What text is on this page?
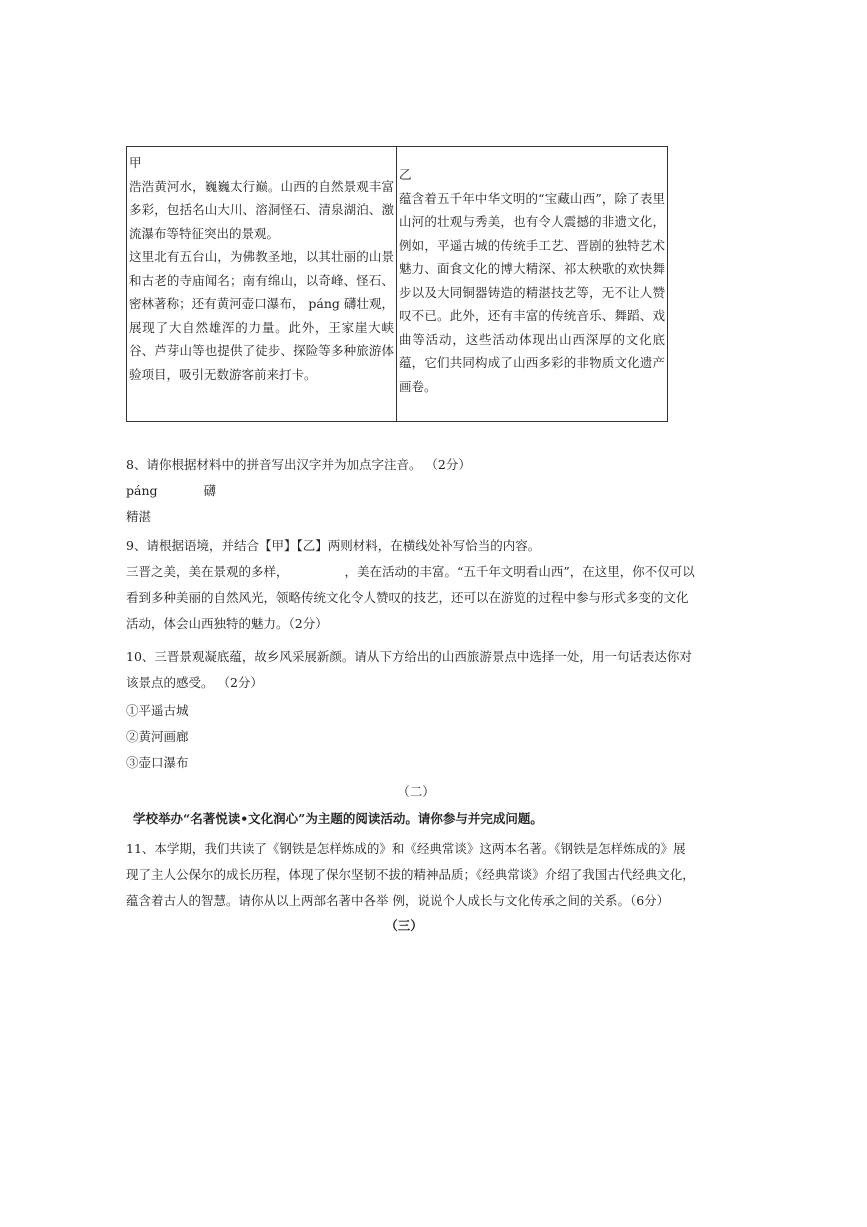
甲

浩浩黄河水，巍巍太行巅。山西的自然景观丰富多彩，包括名山大川、溶洞怪石、清泉湖泊、激流瀑布等特征突出的景观。

这里北有五台山，为佛教圣地，以其壮丽的山景和古老的寺庙闻名；南有绵山，以奇峰、怪石、密林著称；还有黄河壶口瀑布， páng 礴壮观，展现了大自然雄浑的力量。此外，王家崖大峡谷、芦芽山等也提供了徒步、探险等多种旅游体验项目，吸引无数游客前来打卡。

乙

蕴含着五千年中华文明的“宝藏山西”，除了表里山河的壮观与秀美，也有令人震撼的非遗文化，例如，平遥古城的传统手工艺、晋剧的独特艺术魅力、面食文化的博大精深、祁太秧歌的欢快舞步以及大同铜器铸造的精湛技艺等，无不让人赞叹不已。此外，还有丰富的传统音乐、舞蹈、戏曲等活动，这些活动体现出山西深厚的文化底蕴，它们共同构成了山西多彩的非物质文化遗产画卷。

8、请你根据材料中的拼音写出汉字并为加点字注音。 （2分）

páng	礴

精湛

9、请根据语境，并结合【甲】【乙】两则材料，在横线处补写恰当的内容。

三晋之美，美在景观的多样，	，美在活动的丰富。“五千年文明看山西”，在这里，你不仅可以看到多种美丽的自然风光，领略传统文化令人赞叹的技艺，还可以在游览的过程中参与形式多变的文化活动，体会山西独特的魅力。（2分）

10、三晋景观凝底蕴，故乡风采展新颜。请从下方给出的山西旅游景点中选择一处，用一句话表达你对该景点的感受。 （2分）

①平遥古城

②黄河画廊

③壶口瀑布

（二）
学校举办“名著悦读•文化润心”为主题的阅读活动。请你参与并完成问题。

11、本学期，我们共读了《钢铁是怎样炼成的》和《经典常谈》这两本名著。《钢铁是怎样炼成的》展现了主人公保尔的成长历程，体现了保尔坚韧不拔的精神品质；《经典常谈》介绍了我国古代经典文化，蕴含着古人的智慧。请你从以上两部名著中各举 例，说说个人成长与文化传承之间的关系。（6分）

（三）
